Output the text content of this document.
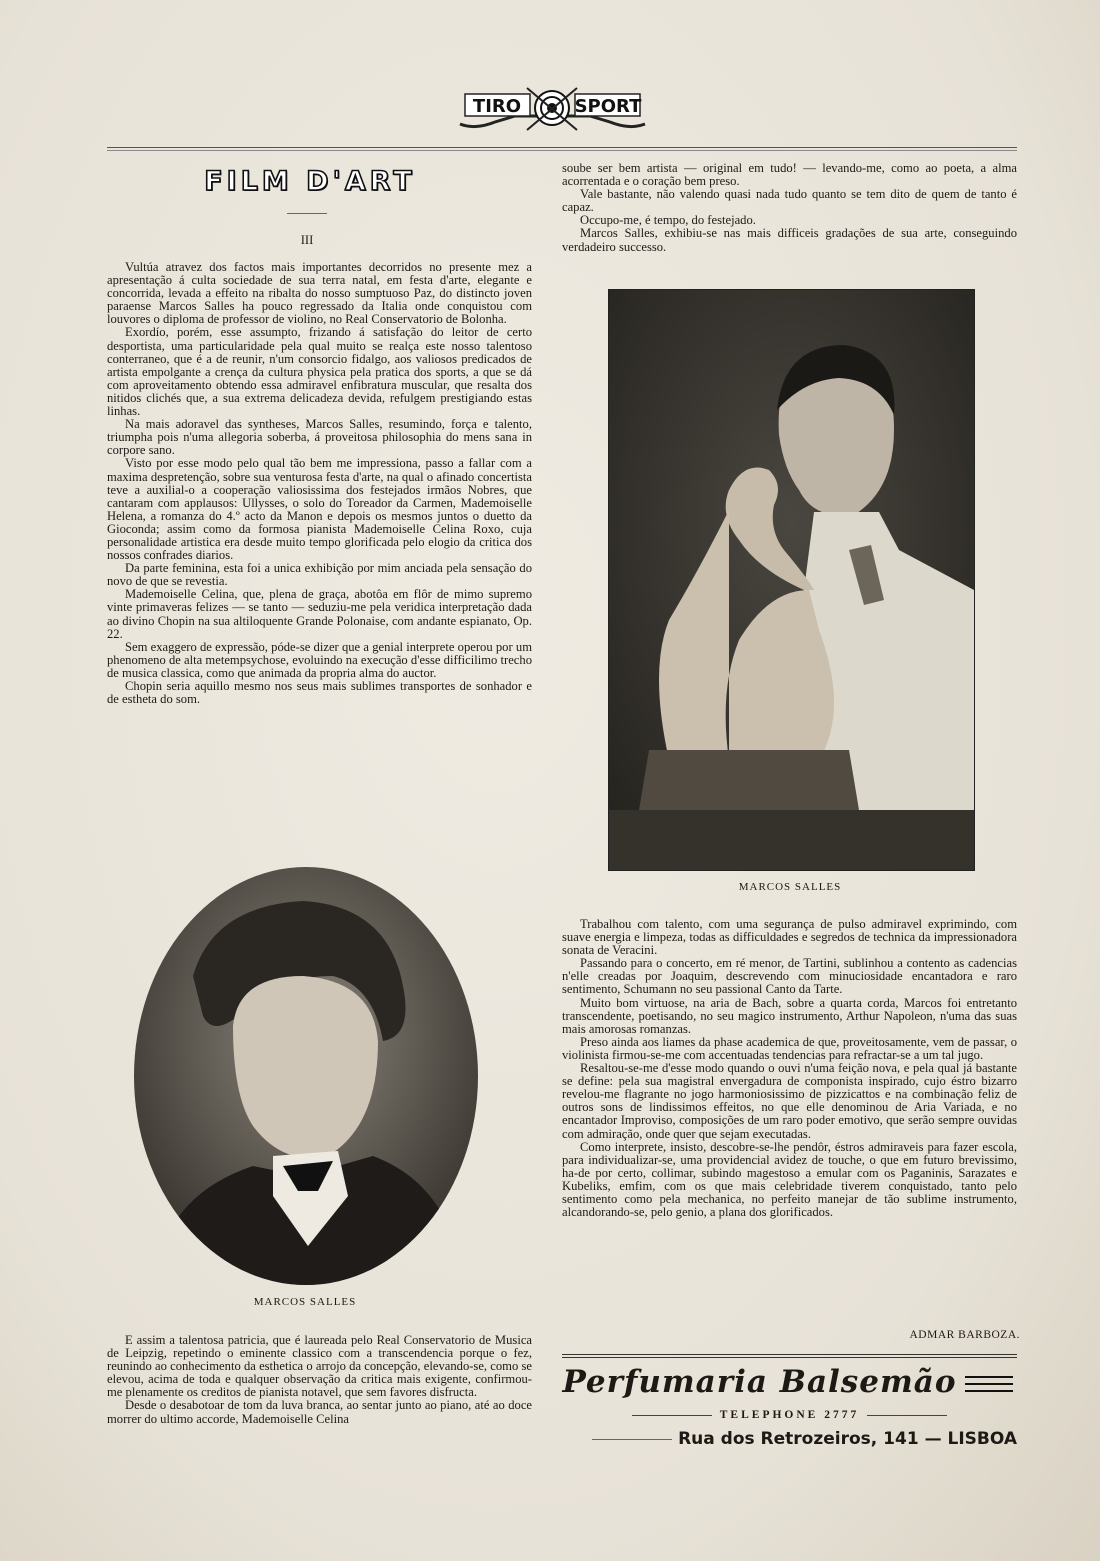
TIRO	SPORT
FILM D'ART
III

Vultúa atravez dos factos mais importantes decorridos no presente mez a apresentação á culta sociedade de sua terra natal, em festa d'arte, elegante e concorrida, levada a effeito na ribalta do nosso sumptuoso Paz, do distincto joven paraense Marcos Salles ha pouco regressado da Italia onde conquistou com louvores o diploma de professor de violino, no Real Conservatorio de Bolonha.

Exordío, porém, esse assumpto, frizando á satisfação do leitor de certo desportista, uma particularidade pela qual muito se realça este nosso talentoso conterraneo, que é a de reunir, n'um consorcio fidalgo, aos valiosos predicados de artista empolgante a crença da cultura physica pela pratica dos sports, a que se dá com aproveitamento obtendo essa admiravel enfibratura muscular, que resalta dos nitidos clichés que, a sua extrema delicadeza devida, refulgem prestigiando estas linhas.

Na mais adoravel das syntheses, Marcos Salles, resumindo, força e talento, triumpha pois n'uma allegoria soberba, á proveitosa philosophia do mens sana in corpore sano.

Visto por esse modo pelo qual tão bem me impressiona, passo a fallar com a maxima despretenção, sobre sua venturosa festa d'arte, na qual o afinado concertista teve a auxilial-o a cooperação valiosissima dos festejados irmãos Nobres, que cantaram com applausos: Ullysses, o solo do Toreador da Carmen, Mademoiselle Helena, a romanza do 4.º acto da Manon e depois os mesmos juntos o duetto da Gioconda; assim como da formosa pianista Mademoiselle Celina Roxo, cuja personalidade artistica era desde muito tempo glorificada pelo elogio da critica dos nossos confrades diarios.

Da parte feminina, esta foi a unica exhibição por mim anciada pela sensação do novo de que se revestia.

Mademoiselle Celina, que, plena de graça, abotôa em flôr de mimo supremo vinte primaveras felizes — se tanto — seduziu-me pela veridica interpretação dada ao divino Chopin na sua altiloquente Grande Polonaise, com andante espianato, Op. 22.

Sem exaggero de expressão, póde-se dizer que a genial interprete operou por um phenomeno de alta metempsychose, evoluindo na execução d'esse difficilimo trecho de musica classica, como que animada da propria alma do auctor.

Chopin seria aquillo mesmo nos seus mais sublimes transportes de sonhador e de estheta do som.

soube ser bem artista — original em tudo! — levando-me, como ao poeta, a alma acorrentada e o coração bem preso.

Vale bastante, não valendo quasi nada tudo quanto se tem dito de quem de tanto é capaz.

Occupo-me, é tempo, do festejado.

Marcos Salles, exhibiu-se nas mais difficeis gradações de sua arte, conseguindo verdadeiro successo.

MARCOS SALLES
MARCOS SALLES

E assim a talentosa patricia, que é laureada pelo Real Conservatorio de Musica de Leipzig, repetindo o eminente classico com a transcendencia porque o fez, reunindo ao conhecimento da esthetica o arrojo da concepção, elevando-se, como se elevou, acima de toda e qualquer observação da critica mais exigente, confirmou-me plenamente os creditos de pianista notavel, que sem favores disfructa.

Desde o desabotoar de tom da luva branca, ao sentar junto ao piano, até ao doce morrer do ultimo accorde, Mademoiselle Celina

Trabalhou com talento, com uma segurança de pulso admiravel exprimindo, com suave energia e limpeza, todas as difficuldades e segredos de technica da impressionadora sonata de Veracini.

Passando para o concerto, em ré menor, de Tartini, sublinhou a contento as cadencias n'elle creadas por Joaquim, descrevendo com minuciosidade encantadora e raro sentimento, Schumann no seu passional Canto da Tarte.

Muito bom virtuose, na aria de Bach, sobre a quarta corda, Marcos foi entretanto transcendente, poetisando, no seu magico instrumento, Arthur Napoleon, n'uma das suas mais amorosas romanzas.

Preso ainda aos liames da phase academica de que, proveitosamente, vem de passar, o violinista firmou-se-me com accentuadas tendencias para refractar-se a um tal jugo.

Resaltou-se-me d'esse modo quando o ouvi n'uma feição nova, e pela qual já bastante se define: pela sua magistral envergadura de componista inspirado, cujo éstro bizarro revelou-me flagrante no jogo harmoniosissimo de pizzicattos e na combinação feliz de outros sons de lindissimos effeitos, no que elle denominou de Aria Variada, e no encantador Improviso, composições de um raro poder emotivo, que serão sempre ouvidas com admiração, onde quer que sejam executadas.

Como interprete, insisto, descobre-se-lhe pendôr, éstros admiraveis para fazer escola, para individualizar-se, uma providencial avidez de touche, o que em futuro brevissimo, ha-de por certo, collimar, subindo magestoso a emular com os Paganinis, Sarazates e Kubeliks, emfim, com os que mais celebridade tiverem conquistado, tanto pelo sentimento como pela mechanica, no perfeito manejar de tão sublime instrumento, alcandorando-se, pelo genio, a plana dos glorificados.

ADMAR BARBOZA.
Perfumaria Balsemão
TELEPHONE 2777
Rua dos Retrozeiros, 141 — LISBOA
